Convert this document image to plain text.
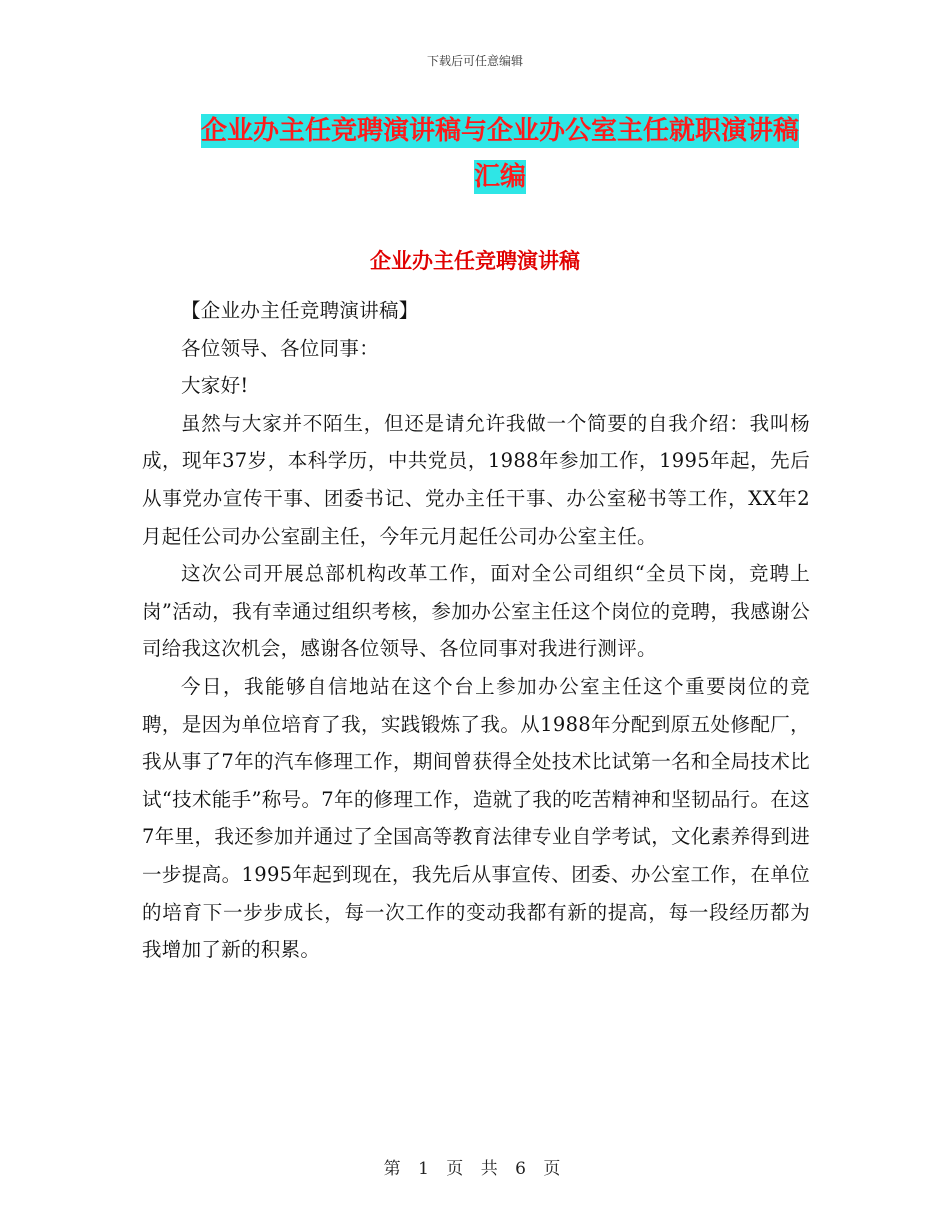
下载后可任意编辑
企业办主任竞聘演讲稿与企业办公室主任就职演讲稿
汇编
企业办主任竞聘演讲稿

【企业办主任竞聘演讲稿】

各位领导、各位同事：

大家好!

虽然与大家并不陌生，但还是请允许我做一个简要的自我介绍：我叫杨成，现年37岁，本科学历，中共党员，1988年参加工作，1995年起，先后从事党办宣传干事、团委书记、党办主任干事、办公室秘书等工作，XX年2月起任公司办公室副主任，今年元月起任公司办公室主任。

这次公司开展总部机构改革工作，面对全公司组织“全员下岗，竞聘上岗”活动，我有幸通过组织考核，参加办公室主任这个岗位的竞聘，我感谢公司给我这次机会，感谢各位领导、各位同事对我进行测评。

今日，我能够自信地站在这个台上参加办公室主任这个重要岗位的竞聘，是因为单位培育了我，实践锻炼了我。从1988年分配到原五处修配厂，我从事了7年的汽车修理工作，期间曾获得全处技术比试第一名和全局技术比试“技术能手”称号。7年的修理工作，造就了我的吃苦精神和坚韧品行。在这7年里，我还参加并通过了全国高等教育法律专业自学考试，文化素养得到进一步提高。1995年起到现在，我先后从事宣传、团委、办公室工作，在单位的培育下一步步成长，每一次工作的变动我都有新的提高，每一段经历都为我增加了新的积累。

第 1 页 共 6 页
